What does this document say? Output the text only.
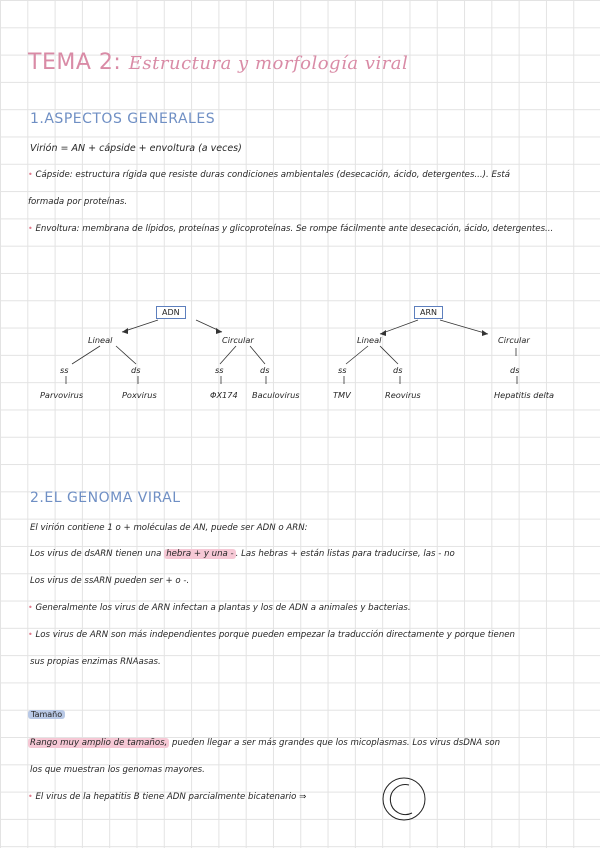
TEMA 2: Estructura y morfología viral
1.ASPECTOS GENERALES
Virión = AN + cápside + envoltura (a veces)
• Cápside: estructura rígida que resiste duras condiciones ambientales (desecación, ácido, detergentes...). Está
formada por proteínas.
• Envoltura: membrana de lípidos, proteínas y glicoproteínas. Se rompe fácilmente ante desecación, ácido, detergentes...
ADN
Lineal	Circular
ss	ds	ss	ds
Parvovirus	Poxvirus	ΦX174 Baculovirus
ARN
Lineal	Circular
ss	ds	ds
TMV	Reovirus	Hepatitis delta
2.EL GENOMA VIRAL
El virión contiene 1 o + moléculas de AN, puede ser ADN o ARN:
Los virus de dsARN tienen una hebra + y una - . Las hebras + están listas para traducirse, las - no
Los virus de ssARN pueden ser + o -.
• Generalmente los virus de ARN infectan a plantas y los de ADN a animales y bacterias.
• Los virus de ARN son más independientes porque pueden empezar la traducción directamente y porque tienen
sus propias enzimas RNAasas.
Tamaño
Rango muy amplio de tamaños, pueden llegar a ser más grandes que los micoplasmas. Los virus dsDNA son
los que muestran los genomas mayores.
• El virus de la hepatitis B tiene ADN parcialmente bicatenario ⇒
